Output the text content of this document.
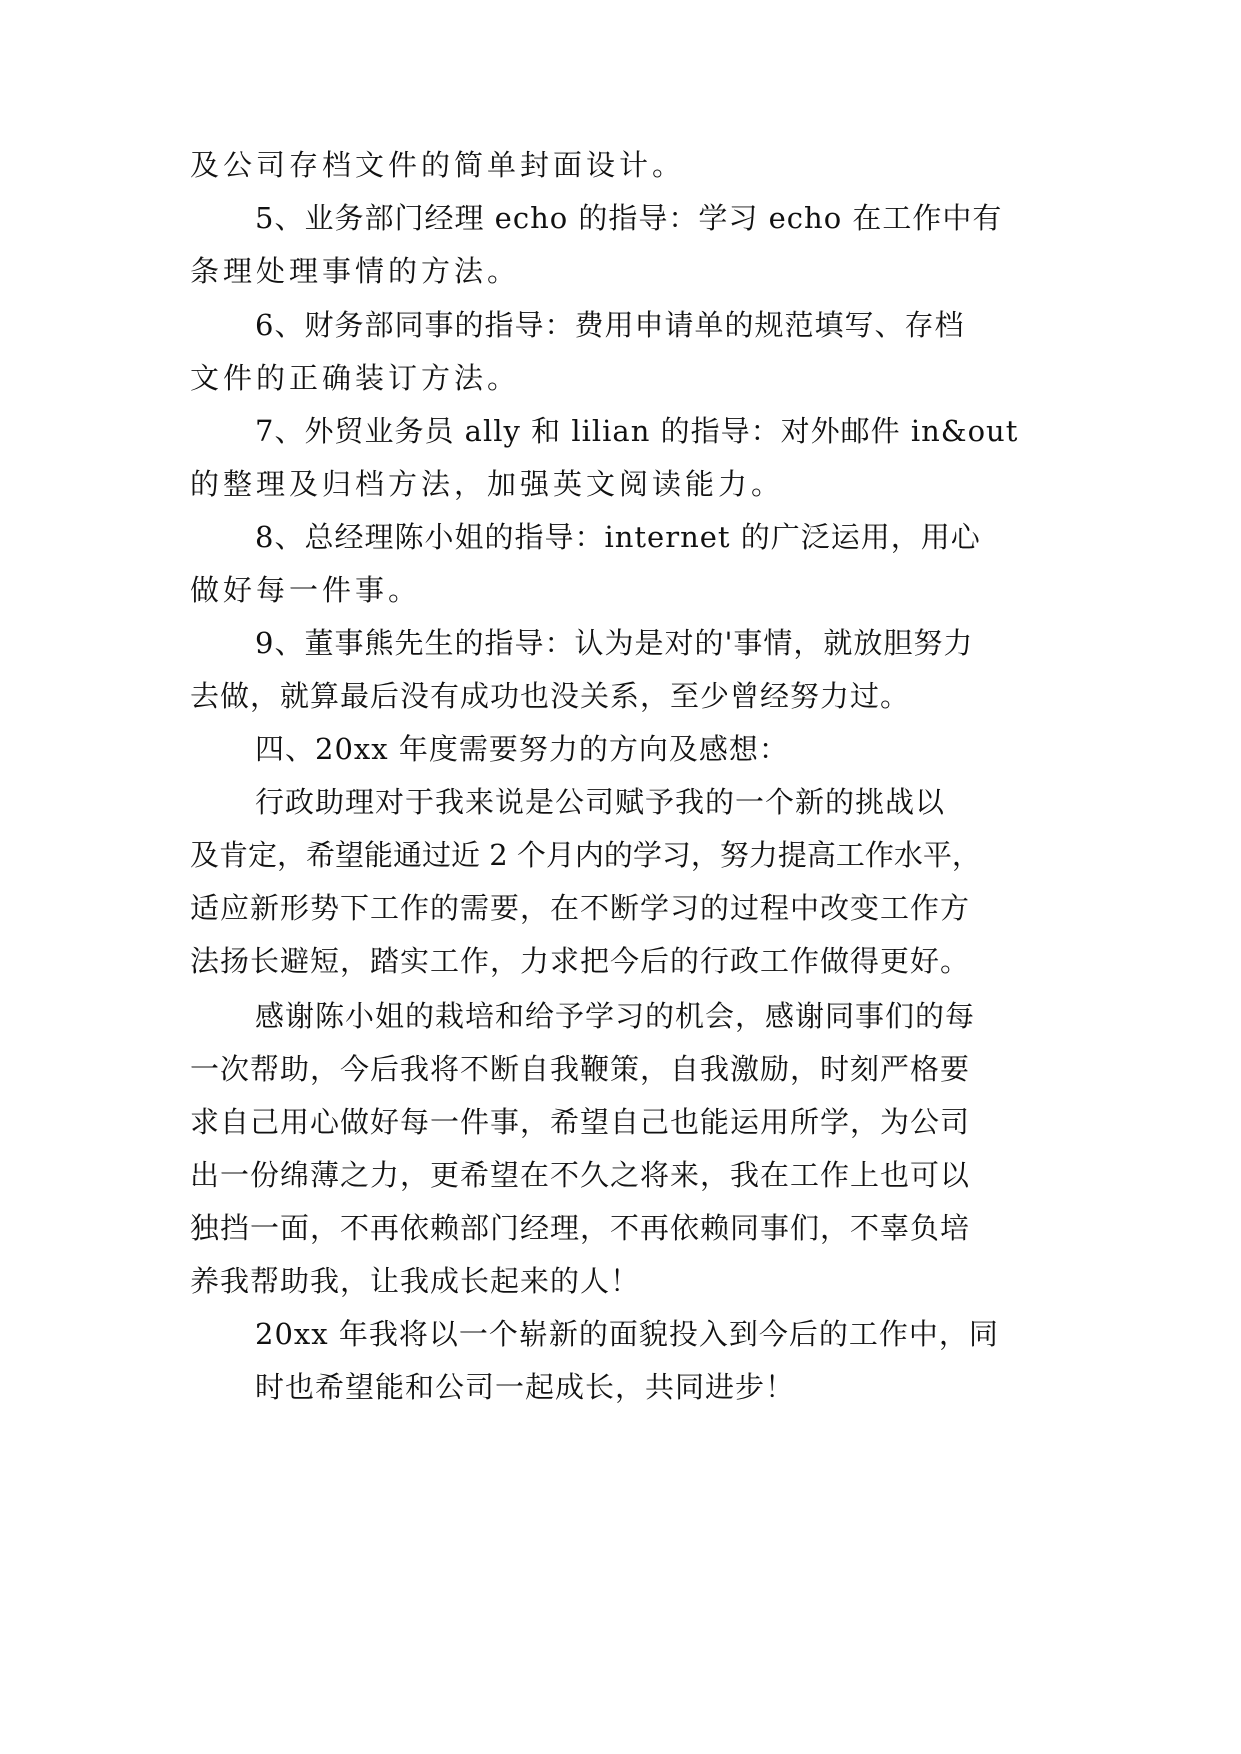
及公司存档文件的简单封面设计。
5、业务部门经理 echo 的指导：学习 echo 在工作中有
条理处理事情的方法。
6、财务部同事的指导：费用申请单的规范填写、存档
文件的正确装订方法。
7、外贸业务员 ally 和 lilian 的指导：对外邮件 in&out
的整理及归档方法，加强英文阅读能力。
8、总经理陈小姐的指导：internet 的广泛运用，用心
做好每一件事。
9、董事熊先生的指导：认为是对的'事情，就放胆努力
去做，就算最后没有成功也没关系，至少曾经努力过。
四、20xx 年度需要努力的方向及感想：
行政助理对于我来说是公司赋予我的一个新的挑战以
及肯定，希望能通过近 2 个月内的学习，努力提高工作水平，
适应新形势下工作的需要，在不断学习的过程中改变工作方
法扬长避短，踏实工作，力求把今后的行政工作做得更好。
感谢陈小姐的栽培和给予学习的机会，感谢同事们的每
一次帮助，今后我将不断自我鞭策，自我激励，时刻严格要
求自己用心做好每一件事，希望自己也能运用所学，为公司
出一份绵薄之力，更希望在不久之将来，我在工作上也可以
独挡一面，不再依赖部门经理，不再依赖同事们，不辜负培
养我帮助我，让我成长起来的人！
20xx 年我将以一个崭新的面貌投入到今后的工作中，同
时也希望能和公司一起成长，共同进步！
